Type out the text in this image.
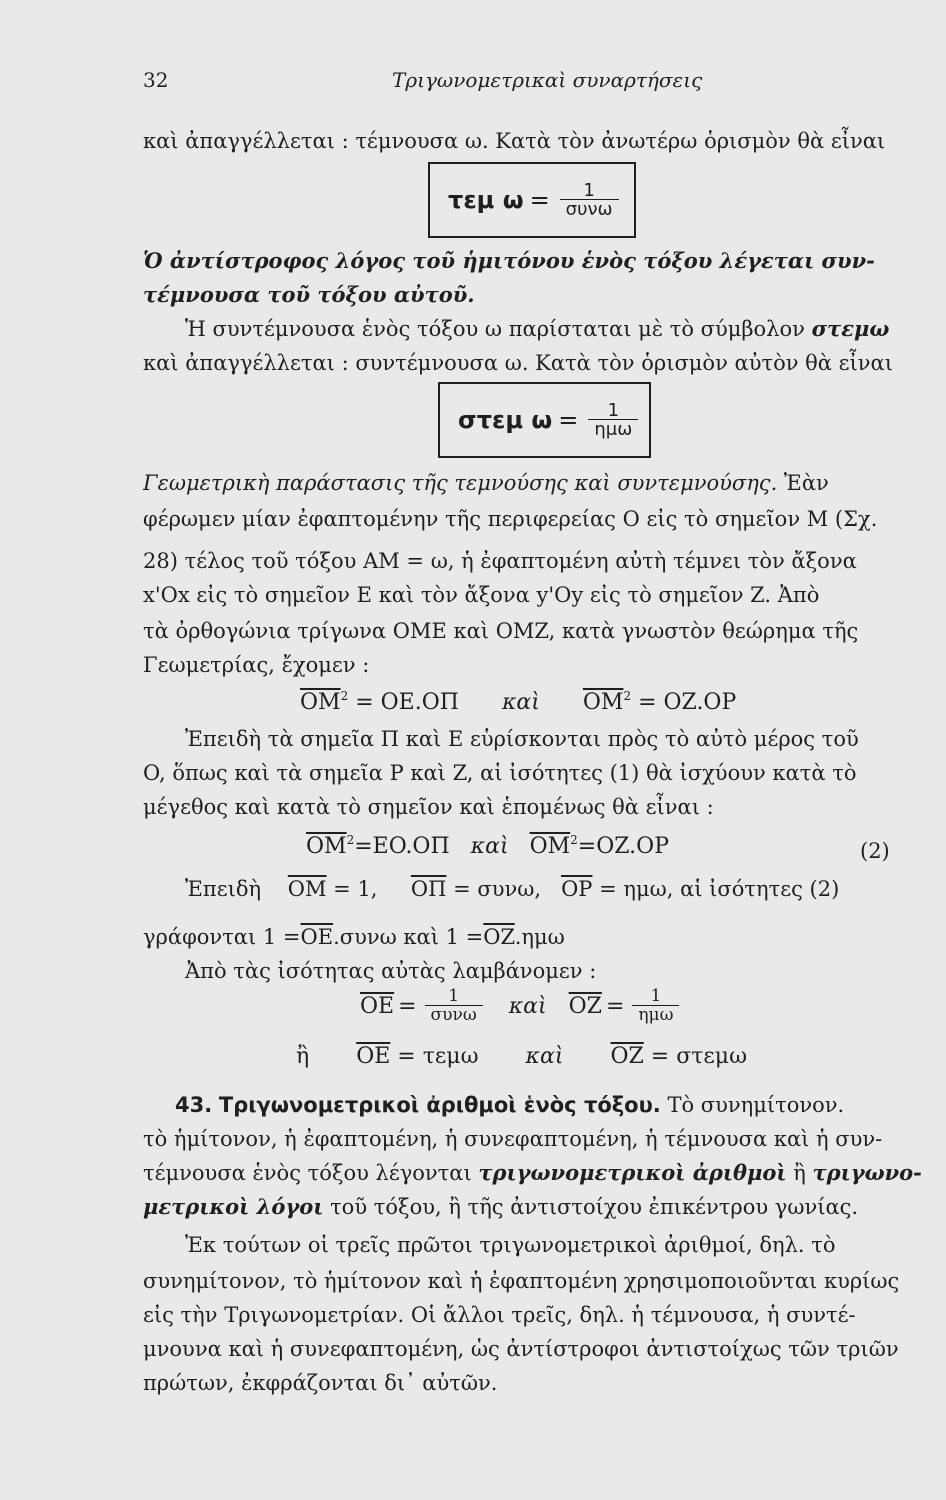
32	Τριγωνομετρικαὶ συναρτήσεις
καὶ ἀπαγγέλλεται : τέμνουσα ω. Κατὰ τὸν ἀνωτέρω ὁρισμὸν θὰ εἶναι
τεμ $\omega = \frac{1}{\text{συνω}}$
Ὁ ἀντίστροφος λόγος τοῦ ἡμιτόνου ἑνὸς τόξου λέγεται συν-
τέμνουσα τοῦ τόξου αὐτοῦ.
Ἡ συντέμνουσα ἑνὸς τόξου ω παρίσταται μὲ τὸ σύμβολον στεμω
καὶ ἀπαγγέλλεται : συντέμνουσα ω. Κατὰ τὸν ὁρισμὸν αὐτὸν θὰ εἶναι
στεμ $\omega = \frac{1}{\text{ημω}}$
Γεωμετρικὴ παράστασις τῆς τεμνούσης καὶ συντεμνούσης. Ἐὰν
φέρωμεν μίαν ἐφαπτομένην τῆς περιφερείας O εἰς τὸ σημεῖον M (Σχ.
28) τέλος τοῦ τόξου ΑΜ = ω, ἡ ἐφαπτομένη αὐτὴ τέμνει τὸν ἄξονα
x'Ox εἰς τὸ σημεῖον E καὶ τὸν ἄξονα y'Oy εἰς τὸ σημεῖον Z. Ἀπὸ
τὰ ὀρθογώνια τρίγωνα OME καὶ OMZ, κατὰ γνωστὸν θεώρημα τῆς
Γεωμετρίας, ἔχομεν :
$\overline{OM}^2 = OE.O\Pi$ καὶ $\overline{OM}^2 = OZ.OP$
Ἐπειδὴ τὰ σημεῖα Π καὶ E εὑρίσκονται πρὸς τὸ αὐτὸ μέρος τοῦ
O, ὅπως καὶ τὰ σημεῖα P καὶ Z, αἱ ἰσότητες (1) θὰ ἰσχύουν κατὰ τὸ
μέγεθος καὶ κατὰ τὸ σημεῖον καὶ ἑπομένως θὰ εἶναι :
$\overline{OM}^2=EO.O\Pi$ καὶ $\overline{OM}^2=OZ.OP$	(2)
Ἐπειδὴ $\overline{OM} = 1$, $\overline{O\Pi} = \sigma\upsilon\nu\omega$, $\overline{OP} = \eta\mu\omega$, αἱ ἰσότητες (2)
γράφονται $1 =\overline{OE}.\sigma\upsilon\nu\omega$ καὶ $1 =\overline{OZ}.\eta\mu\omega$
Ἀπὸ τὰς ἰσότητας αὐτὰς λαμβάνομεν :
$\overline{OE} = \frac{1}{\text{συνω}}$ καὶ $\overline{OZ} = \frac{1}{\text{ημω}}$
ἢ $\overline{OE} = \tau\varepsilon\mu\omega$ καὶ $\overline{OZ} = \sigma\tau\varepsilon\mu\omega$
43. Τριγωνομετρικοὶ ἀριθμοὶ ἑνὸς τόξου. Τὸ συνημίτονον.
τὸ ἡμίτονον, ἡ ἐφαπτομένη, ἡ συνεφαπτομένη, ἡ τέμνουσα καὶ ἡ συν-
τέμνουσα ἑνὸς τόξου λέγονται τριγωνομετρικοὶ ἀριθμοὶ ἢ τριγωνο-
μετρικοὶ λόγοι τοῦ τόξου, ἢ τῆς ἀντιστοίχου ἐπικέντρου γωνίας.
Ἐκ τούτων οἱ τρεῖς πρῶτοι τριγωνομετρικοὶ ἀριθμοί, δηλ. τὸ
συνημίτονον, τὸ ἡμίτονον καὶ ἡ ἐφαπτομένη χρησιμοποιοῦνται κυρίως
εἰς τὴν Τριγωνομετρίαν. Οἱ ἄλλοι τρεῖς, δηλ. ἡ τέμνουσα, ἡ συντέ-
μνουνα καὶ ἡ συνεφαπτομένη, ὡς ἀντίστροφοι ἀντιστοίχως τῶν τριῶν
πρώτων, ἐκφράζονται δι᾽ αὐτῶν.
